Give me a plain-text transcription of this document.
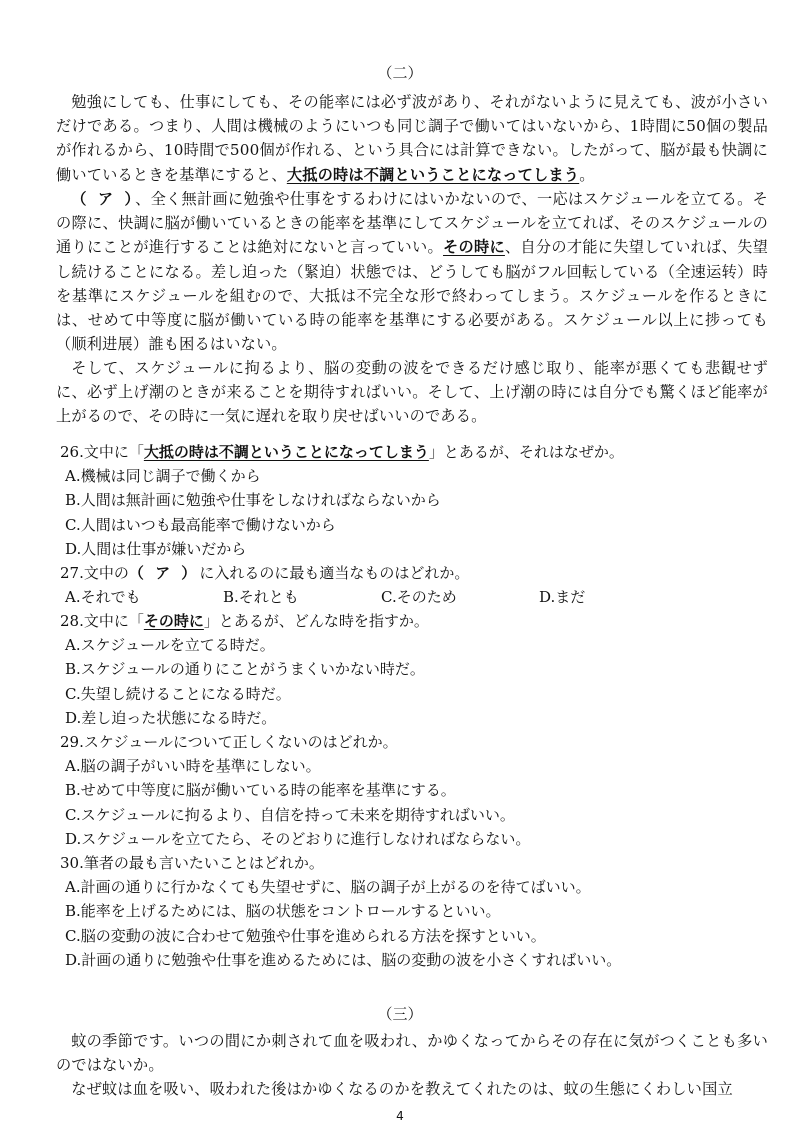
（二）

勉強にしても、仕事にしても、その能率には必ず波があり、それがないように見えても、波が小さいだけである。つまり、人間は機械のようにいつも同じ調子で働いてはいないから、1時間に50個の製品が作れるから、10時間で500個が作れる、という具合には計算できない。したがって、脳が最も快調に働いているときを基準にすると、大抵の時は不調ということになってしまう。

（ ア ）、全く無計画に勉強や仕事をするわけにはいかないので、一応はスケジュールを立てる。その際に、快調に脳が働いているときの能率を基準にしてスケジュールを立てれば、そのスケジュールの通りにことが進行することは絶対にないと言っていい。その時に、自分の才能に失望していれば、失望し続けることになる。差し迫った（緊迫）状態では、どうしても脳がフル回転している（全速运转）時を基準にスケジュールを組むので、大抵は不完全な形で終わってしまう。スケジュールを作るときには、せめて中等度に脳が働いている時の能率を基準にする必要がある。スケジュール以上に捗っても（顺利进展）誰も困るはいない。

そして、スケジュールに拘るより、脳の変動の波をできるだけ感じ取り、能率が悪くても悲観せずに、必ず上げ潮のときが来ることを期待すればいい。そして、上げ潮の時には自分でも驚くほど能率が上がるので、その時に一気に遅れを取り戻せばいいのである。

26.文中に「大抵の時は不調ということになってしまう」とあるが、それはなぜか。

A.機械は同じ調子で働くから

B.人間は無計画に勉強や仕事をしなければならないから

C.人間はいつも最高能率で働けないから

D.人間は仕事が嫌いだから

27.文中の（ ア ）に入れるのに最も適当なものはどれか。

A.それでも	B.それとも	C.そのため	D.まだ

28.文中に「その時に」とあるが、どんな時を指すか。

A.スケジュールを立てる時だ。

B.スケジュールの通りにことがうまくいかない時だ。

C.失望し続けることになる時だ。

D.差し迫った状態になる時だ。

29.スケジュールについて正しくないのはどれか。

A.脳の調子がいい時を基準にしない。

B.せめて中等度に脳が働いている時の能率を基準にする。

C.スケジュールに拘るより、自信を持って未来を期待すればいい。

D.スケジュールを立てたら、そのどおりに進行しなければならない。

30.筆者の最も言いたいことはどれか。

A.計画の通りに行かなくても失望せずに、脳の調子が上がるのを待てばいい。

B.能率を上げるためには、脳の状態をコントロールするといい。

C.脳の変動の波に合わせて勉強や仕事を進められる方法を探すといい。

D.計画の通りに勉強や仕事を進めるためには、脳の変動の波を小さくすればいい。

（三）

蚊の季節です。いつの間にか刺されて血を吸われ、かゆくなってからその存在に気がつくことも多いのではないか。

なぜ蚊は血を吸い、吸われた後はかゆくなるのかを教えてくれたのは、蚊の生態にくわしい国立

4
